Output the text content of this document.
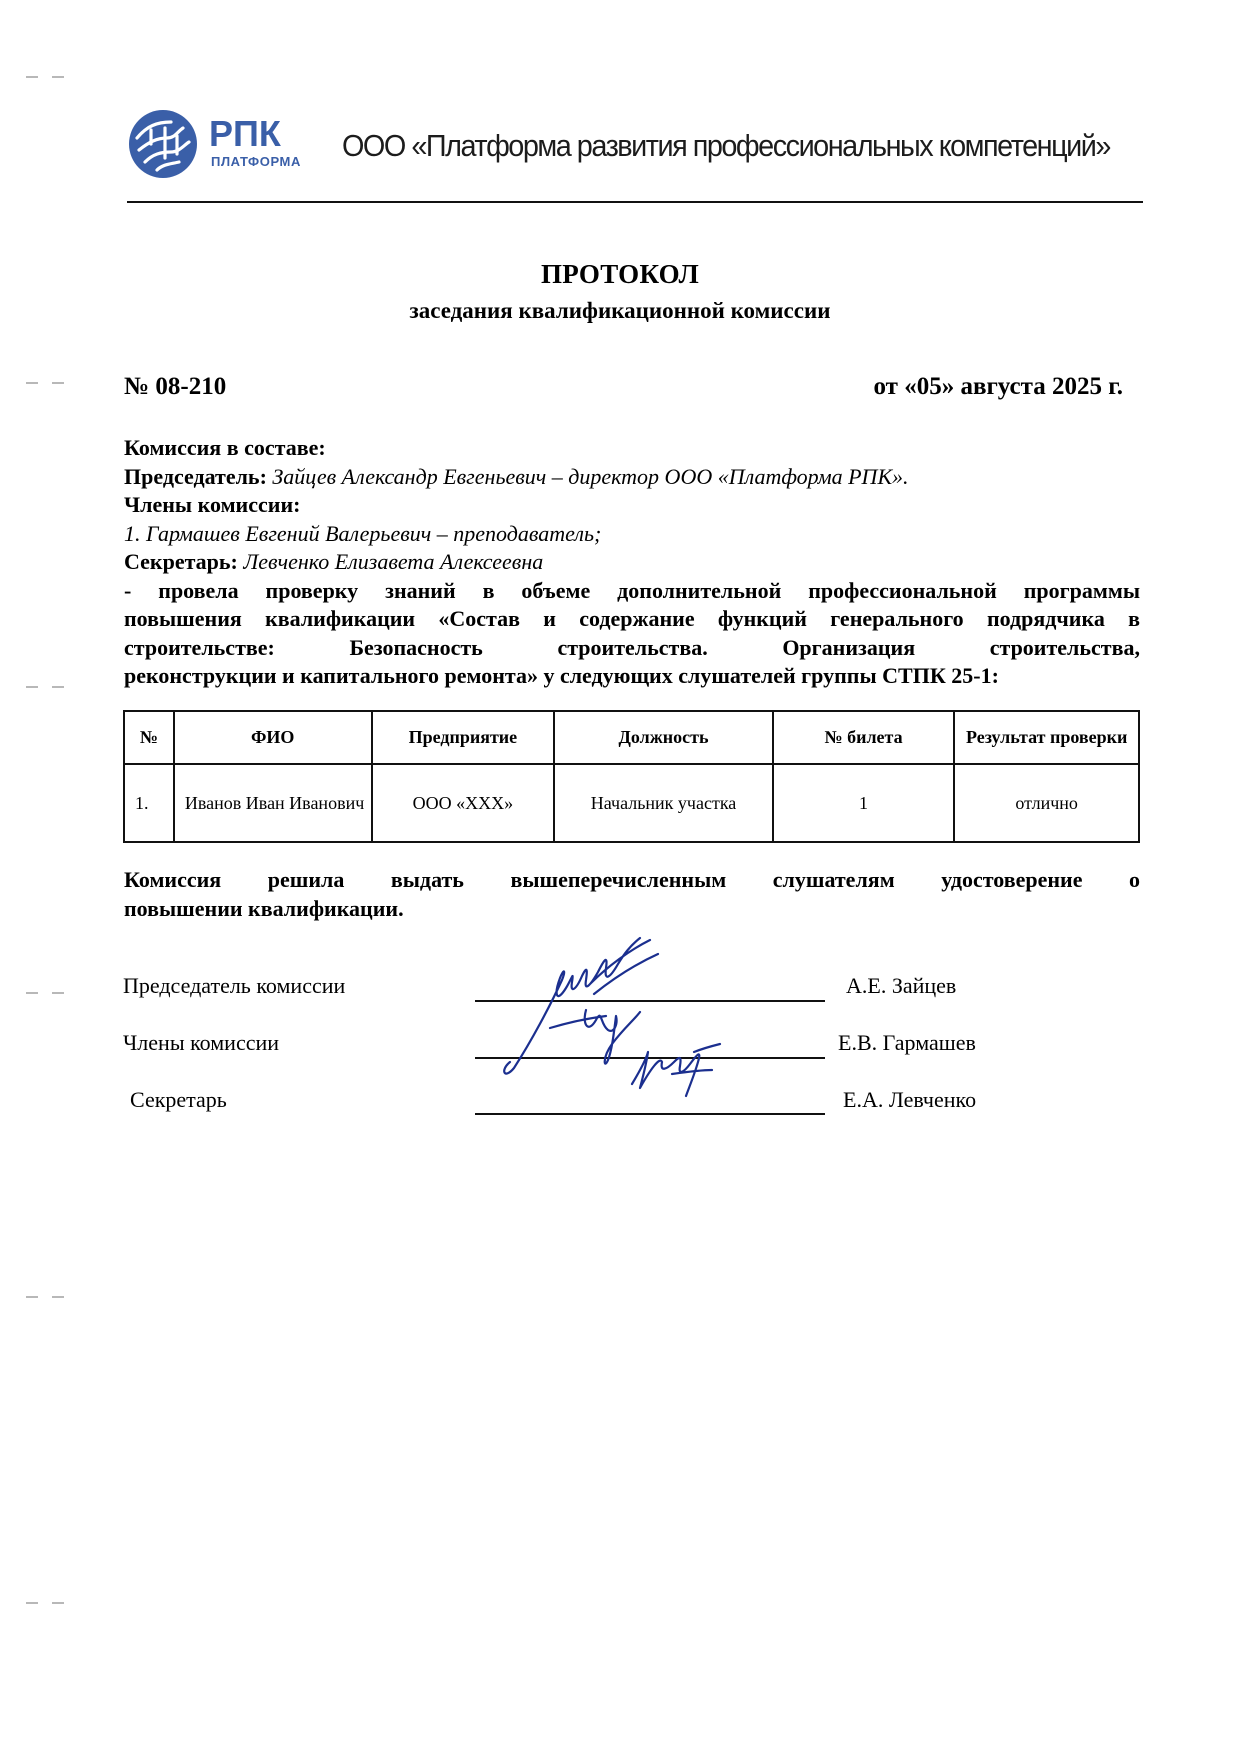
РПК
ПЛАТФОРМА ООО «Платформа развития профессиональных компетенций»
ПРОТОКОЛ
заседания квалификационной комиссии
№ 08-210	от «05» августа 2025 г.
Комиссия в составе:
Председатель: Зайцев Александр Евгеньевич – директор ООО «Платформа РПК».
Члены комиссии:
1. Гармашев Евгений Валерьевич – преподаватель;
Секретарь: Левченко Елизавета Алексеевна
- провела проверку знаний в объеме дополнительной профессиональной программы
повышения квалификации «Состав и содержание функций генерального подрядчика в
строительстве: Безопасность строительства. Организация строительства,
реконструкции и капитального ремонта» у следующих слушателей группы СТПК 25-1:
№	ФИО	Предприятие	Должность	№ билета	Результат проверки
1.	Иванов Иван Иванович	ООО «XXX»	Начальник участка	1	отлично
Комиссия решила выдать вышеперечисленным слушателям удостоверение о
повышении квалификации.
Председатель комиссии	А.Е. Зайцев
Члены комиссии	Е.В. Гармашев
Секретарь	Е.А. Левченко
